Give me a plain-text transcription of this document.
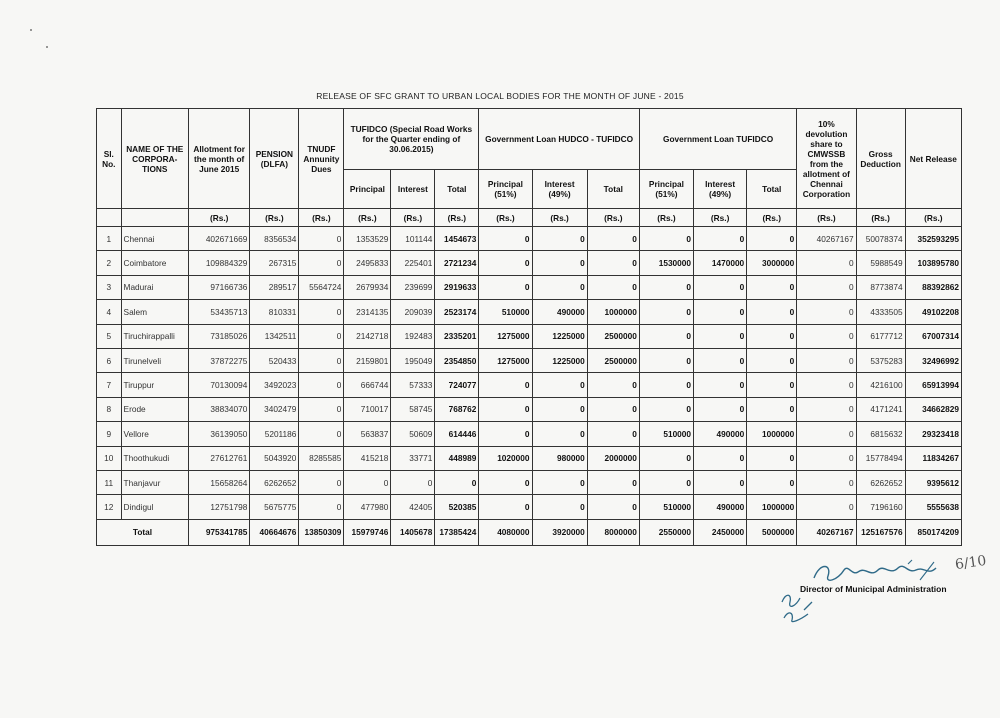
RELEASE OF SFC GRANT TO URBAN LOCAL BODIES FOR THE MONTH OF JUNE - 2015
Sl. No.	NAME OF THE CORPORA-TIONS	Allotment for the month of June 2015	PENSION (DLFA)	TNUDF Annunity Dues	TUFIDCO (Special Road Works for the Quarter ending of 30.06.2015)			Government Loan HUDCO - TUFIDCO			Government Loan TUFIDCO			10% devolution share to CMWSSB from the allotment of Chennai Corporation	Gross Deduction	Net Release
					Principal	Interest	Total	Principal (51%)	Interest (49%)	Total	Principal (51%)	Interest (49%)	Total			
		(Rs.)	(Rs.)	(Rs.)	(Rs.)	(Rs.)	(Rs.)	(Rs.)	(Rs.)	(Rs.)	(Rs.)	(Rs.)	(Rs.)	(Rs.)	(Rs.)	(Rs.)
1	Chennai	402671669	8356534	0	1353529	101144	1454673	0	0	0	0	0	0	40267167	50078374	352593295
2	Coimbatore	109884329	267315	0	2495833	225401	2721234	0	0	0	1530000	1470000	3000000	0	5988549	103895780
3	Madurai	97166736	289517	5564724	2679934	239699	2919633	0	0	0	0	0	0	0	8773874	88392862
4	Salem	53435713	810331	0	2314135	209039	2523174	510000	490000	1000000	0	0	0	0	4333505	49102208
5	Tiruchirappalli	73185026	1342511	0	2142718	192483	2335201	1275000	1225000	2500000	0	0	0	0	6177712	67007314
6	Tirunelveli	37872275	520433	0	2159801	195049	2354850	1275000	1225000	2500000	0	0	0	0	5375283	32496992
7	Tiruppur	70130094	3492023	0	666744	57333	724077	0	0	0	0	0	0	0	4216100	65913994
8	Erode	38834070	3402479	0	710017	58745	768762	0	0	0	0	0	0	0	4171241	34662829
9	Vellore	36139050	5201186	0	563837	50609	614446	0	0	0	510000	490000	1000000	0	6815632	29323418
10	Thoothukudi	27612761	5043920	8285585	415218	33771	448989	1020000	980000	2000000	0	0	0	0	15778494	11834267
11	Thanjavur	15658264	6262652	0	0	0	0	0	0	0	0	0	0	0	6262652	9395612
12	Dindigul	12751798	5675775	0	477980	42405	520385	0	0	0	510000	490000	1000000	0	7196160	5555638
Total		975341785	40664676	13850309	15979746	1405678	17385424	4080000	3920000	8000000	2550000	2450000	5000000	40267167	125167576	850174209
Director of Municipal Administration
6/10
